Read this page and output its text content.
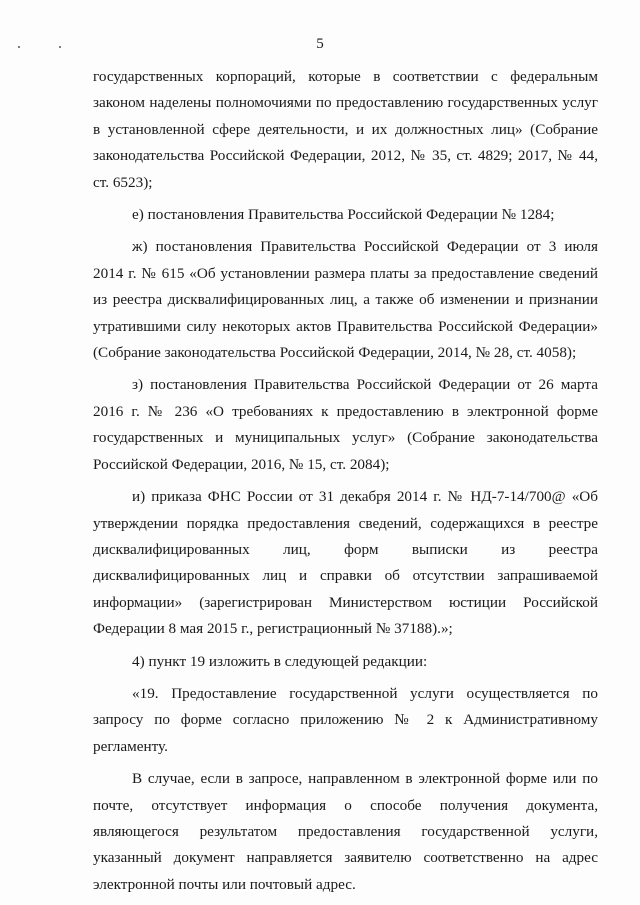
5

государственных корпораций, которые в соответствии с федеральным законом наделены полномочиями по предоставлению государственных услуг в установленной сфере деятельности, и их должностных лиц» (Собрание законодательства Российской Федерации, 2012, № 35, ст. 4829; 2017, № 44, ст. 6523);

е) постановления Правительства Российской Федерации № 1284;

ж) постановления Правительства Российской Федерации от 3 июля 2014 г. № 615 «Об установлении размера платы за предоставление сведений из реестра дисквалифицированных лиц, а также об изменении и признании утратившими силу некоторых актов Правительства Российской Федерации» (Собрание законодательства Российской Федерации, 2014, № 28, ст. 4058);

з) постановления Правительства Российской Федерации от 26 марта 2016 г. № 236 «О требованиях к предоставлению в электронной форме государственных и муниципальных услуг» (Собрание законодательства Российской Федерации, 2016, № 15, ст. 2084);

и) приказа ФНС России от 31 декабря 2014 г. № НД-7-14/700@ «Об утверждении порядка предоставления сведений, содержащихся в реестре дисквалифицированных лиц, форм выписки из реестра дисквалифицированных лиц и справки об отсутствии запрашиваемой информации» (зарегистрирован Министерством юстиции Российской Федерации 8 мая 2015 г., регистрационный № 37188).»;

4) пункт 19 изложить в следующей редакции:

«19. Предоставление государственной услуги осуществляется по запросу по форме согласно приложению № 2 к Административному регламенту.

В случае, если в запросе, направленном в электронной форме или по почте, отсутствует информация о способе получения документа, являющегося результатом предоставления государственной услуги, указанный документ направляется заявителю соответственно на адрес электронной почты или почтовый адрес.
